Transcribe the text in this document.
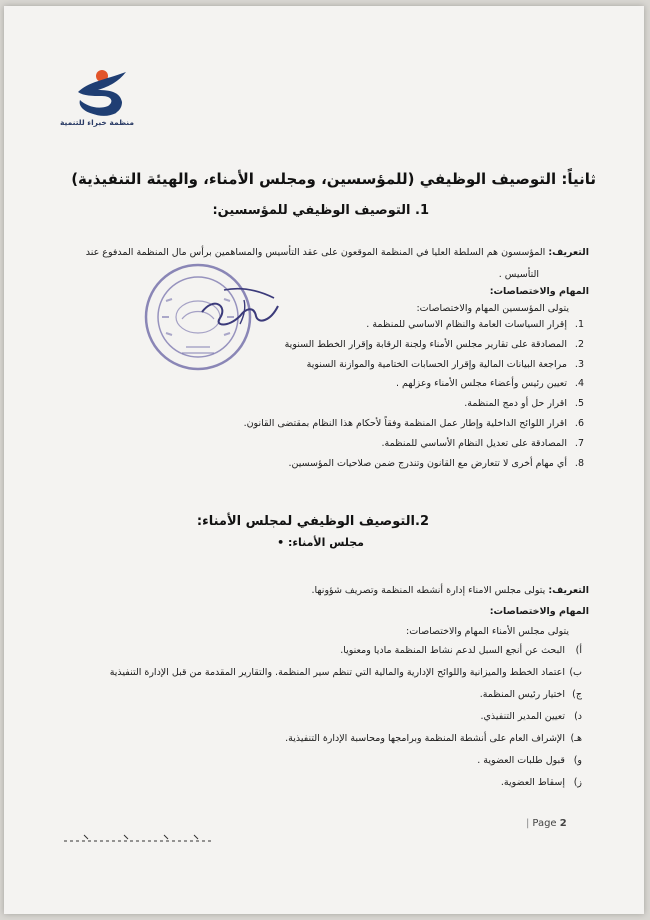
منظمة خبراء للتنمية
ثانياً: التوصيف الوظيفي (للمؤسسين، ومجلس الأمناء، والهيئة التنفيذية)
1. التوصيف الوظيفي للمؤسسين:
التعريف: المؤسسون هم السلطة العليا في المنظمة الموقعون على عقد التأسيس والمساهمين برأس مال المنظمة المدفوع عند
التأسيس .
المهام والاختصاصات:
يتولى المؤسسين المهام والاختصاصات:
1. إقرار السياسات العامة والنظام الاساسي للمنظمة .
2. المصادقة على تقارير مجلس الأمناء ولجنة الرقابة وإقرار الخطط السنوية
3. مراجعة البيانات المالية وإقرار الحسابات الختامية والموازنة السنوية
4. تعيين رئيس وأعضاء مجلس الأمناء وعزلهم .
5. اقرار حل أو دمج المنظمة.
6. اقرار اللوائح الداخلية وإطار عمل المنظمة وفقاً لأحكام هذا النظام بمقتضى القانون.
7. المصادقة على تعديل النظام الأساسي للمنظمة.
8. أي مهام أخرى لا تتعارض مع القانون وتندرج ضمن صلاحيات المؤسسين.
2.التوصيف الوظيفي لمجلس الأمناء:
مجلس الأمناء: •
التعريف: يتولى مجلس الامناء إدارة أنشطه المنظمة وتصريف شؤونها.
المهام والاختصاصات:
يتولى مجلس الأمناء المهام والاختصاصات:
أ) البحث عن أنجع السبل لدعم نشاط المنظمة ماديا ومعنويا.
ب) اعتماد الخطط والميزانية واللوائح الإدارية والمالية التي تنظم سير المنظمة. والتقارير المقدمة من قبل الإدارة التنفيذية
ج) اختيار رئيس المنظمة.
د) تعيين المدير التنفيذي.
هـ) الإشراف العام على أنشطة المنظمة وبرامجها ومحاسبة الإدارة التنفيذية.
و) قبول طلبات العضوية .
ز) إسقاط العضوية.
| Page 2
